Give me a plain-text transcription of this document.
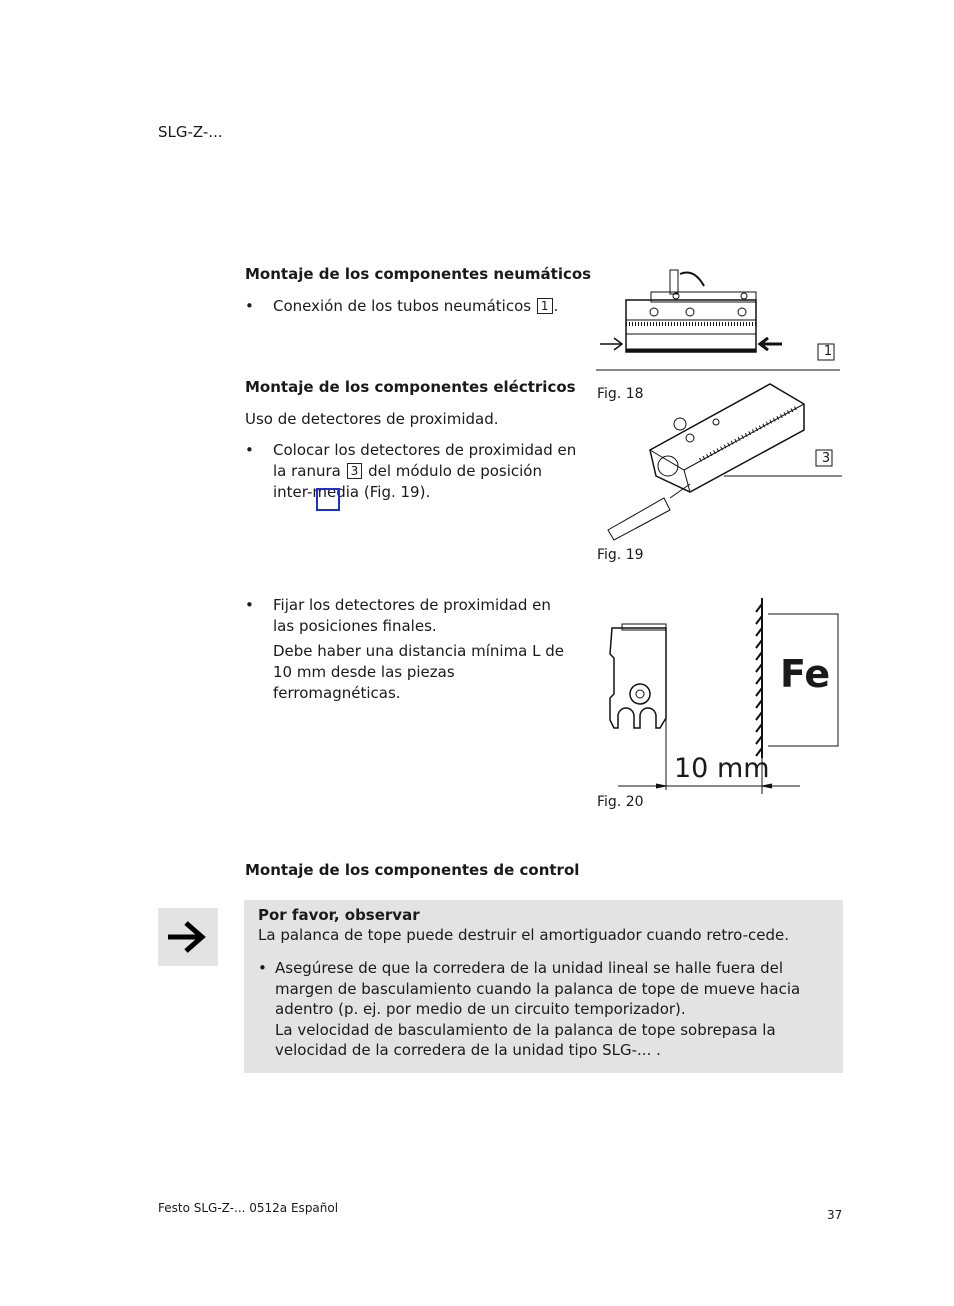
SLG-Z-...
Montaje de los componentes neumáticos
• Conexión de los tubos neumáticos 1 .
Montaje de los componentes eléctricos
Uso de detectores de proximidad.
• Colocar los detectores de proximidad en la ranura 3 del módulo de posición inter-media (Fig. 19).
• Fijar los detectores de proximidad en las posiciones finales.
Debe haber una distancia mínima L de 10 mm desde las piezas ferromagnéticas.
Montaje de los componentes de control
1
Fig. 18
3
Fig. 19
Fe
10 mm
Fig. 20
Por favor, observar
La palanca de tope puede destruir el amortiguador cuando retro-cede.
• Asegúrese de que la corredera de la unidad lineal se halle fuera del margen de basculamiento cuando la palanca de tope de mueve hacia adentro (p. ej. por medio de un circuito temporizador).
La velocidad de basculamiento de la palanca de tope sobrepasa la velocidad de la corredera de la unidad tipo SLG-... .
Festo SLG-Z-... 0512a Español	37
